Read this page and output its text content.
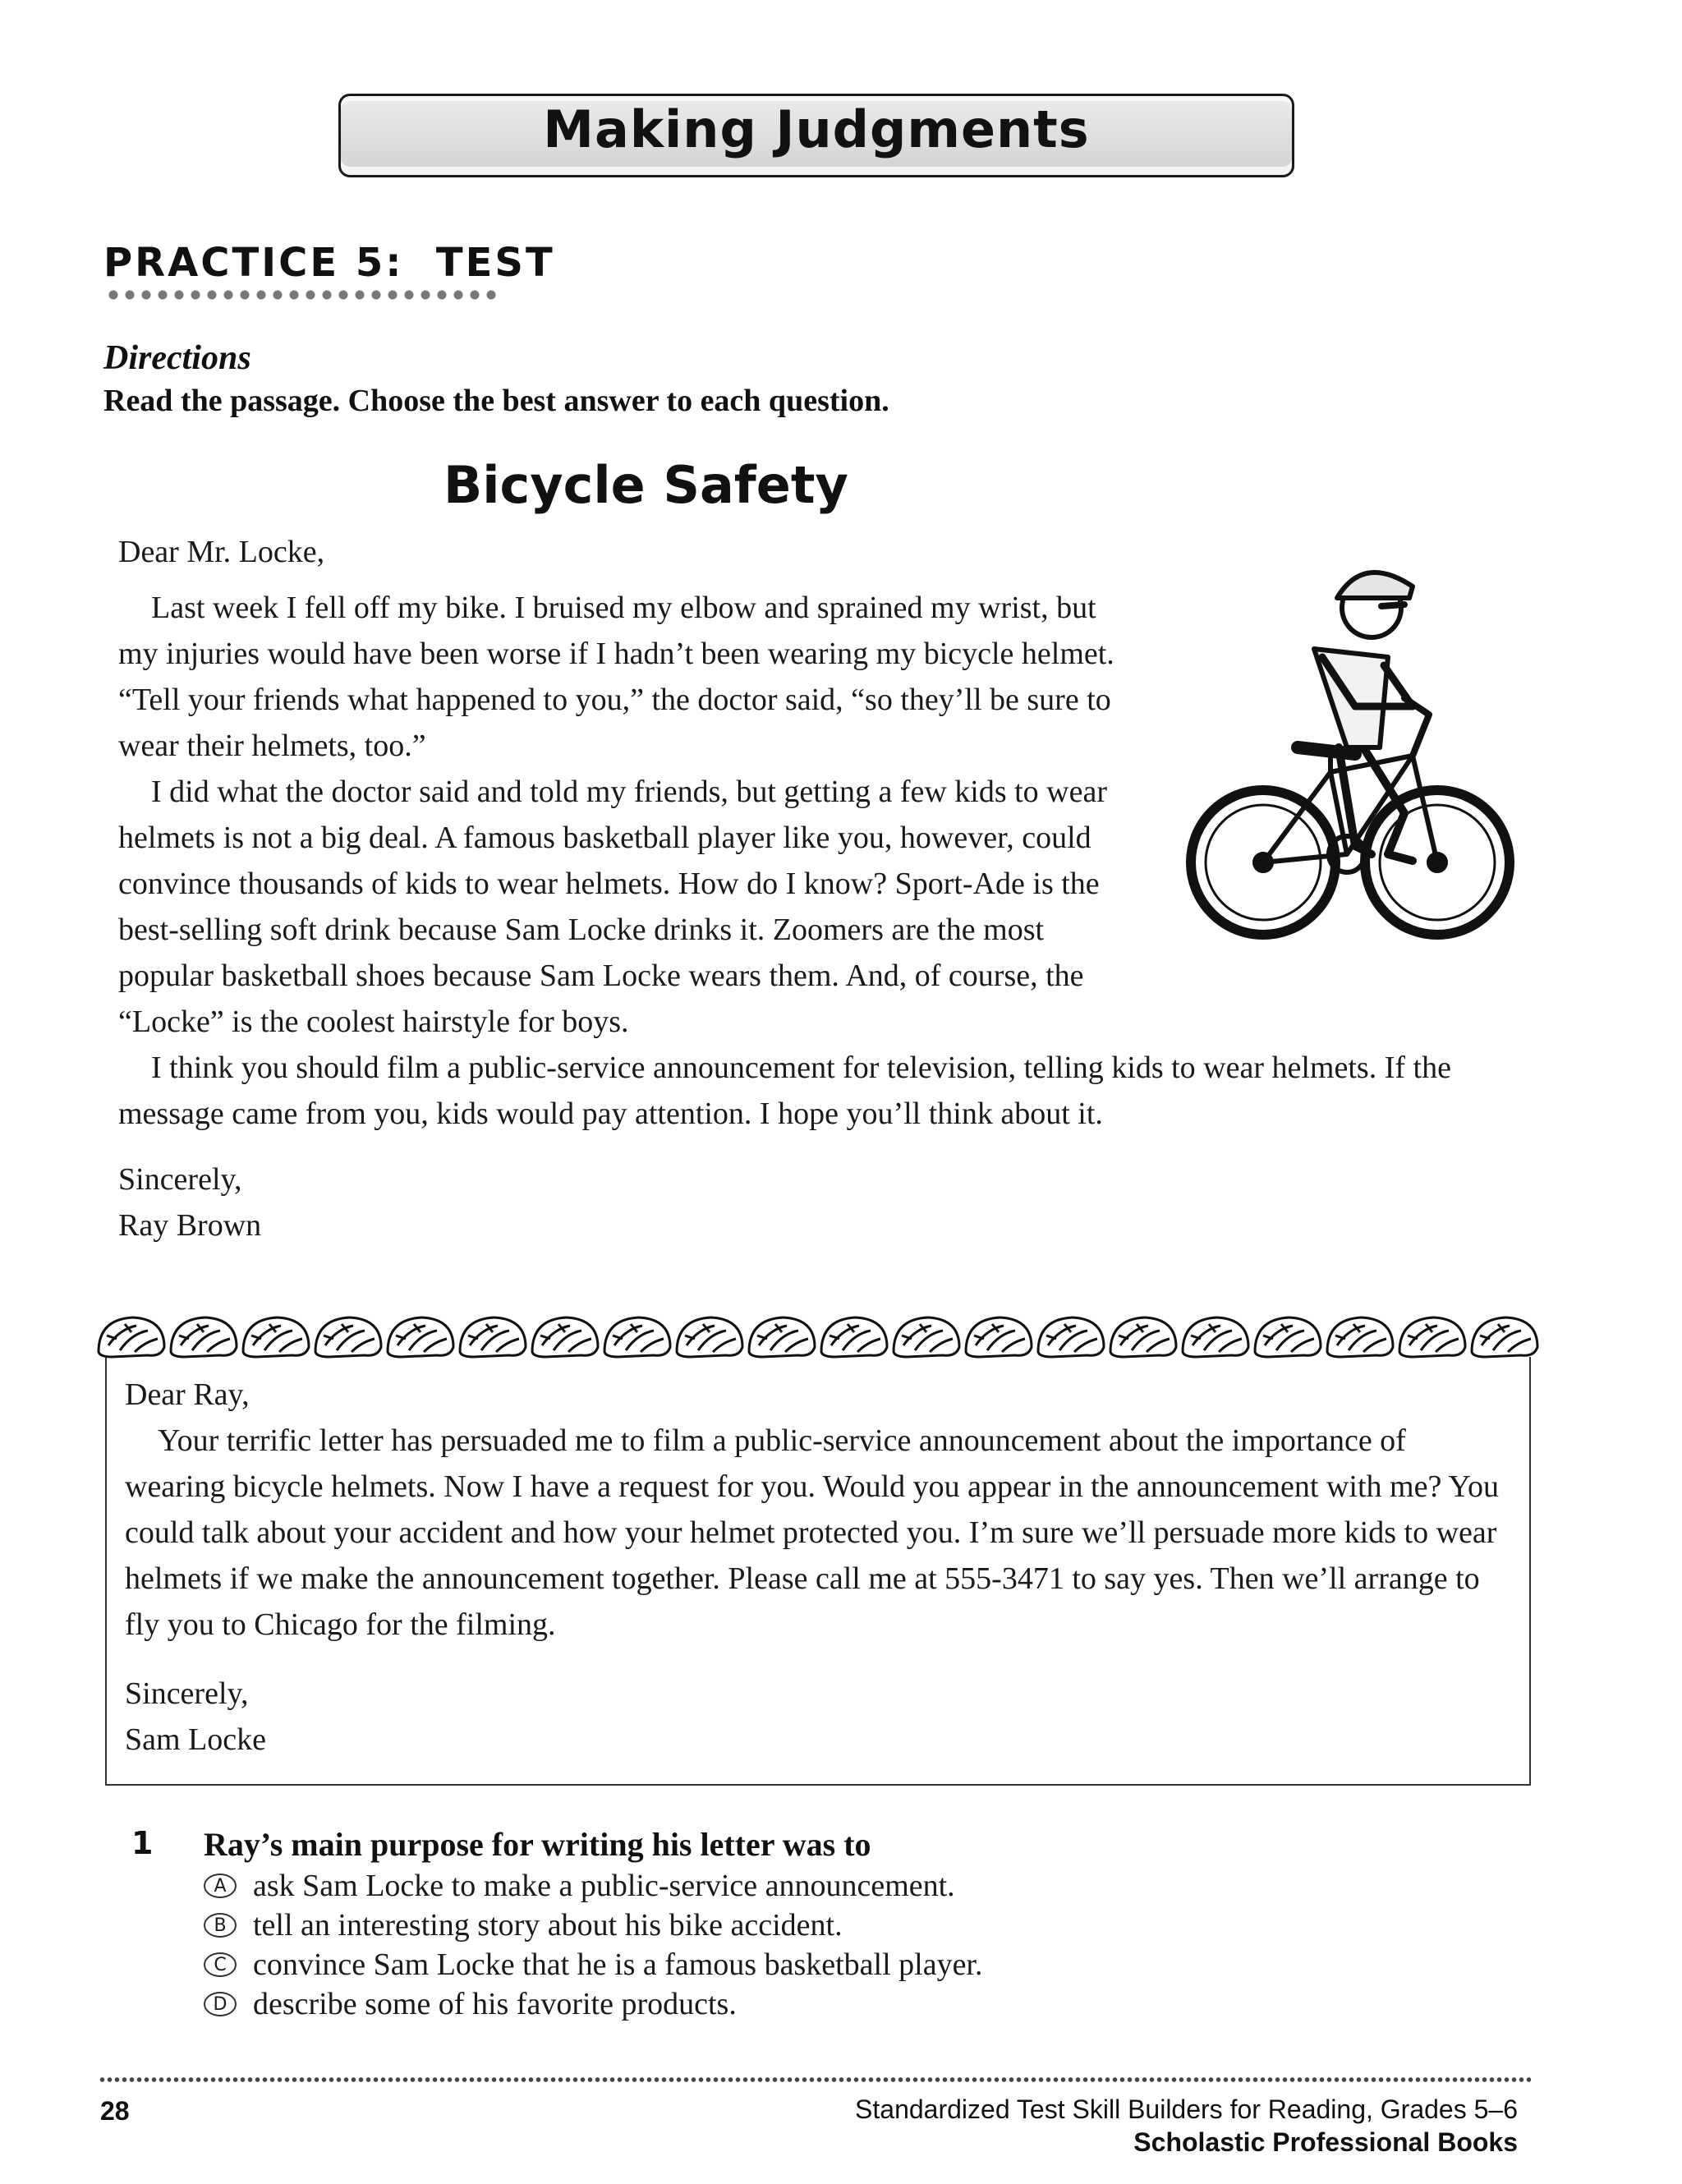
Making Judgments
PRACTICE 5:  TEST
Directions
Read the passage. Choose the best answer to each question.
Bicycle Safety

Dear Mr. Locke,

Last week I fell off my bike. I bruised my elbow and sprained my wrist, but my injuries would have been worse if I hadn’t been wearing my bicycle helmet. “Tell your friends what happened to you,” the doctor said, “so they’ll be sure to wear their helmets, too.”

I did what the doctor said and told my friends, but getting a few kids to wear helmets is not a big deal. A famous basketball player like you, however, could convince thousands of kids to wear helmets. How do I know? Sport-Ade is the best-selling soft drink because Sam Locke drinks it. Zoomers are the most popular basketball shoes because Sam Locke wears them. And, of course, the “Locke” is the coolest hairstyle for boys.

I think you should film a public-service announcement for television, telling kids to wear helmets. If the message came from you, kids would pay attention. I hope you’ll think about it.

Sincerely,

Ray Brown

Dear Ray,

Your terrific letter has persuaded me to film a public-service announcement about the importance of wearing bicycle helmets. Now I have a request for you. Would you appear in the announcement with me? You could talk about your accident and how your helmet protected you. I’m sure we’ll persuade more kids to wear helmets if we make the announcement together. Please call me at 555-3471 to say yes. Then we’ll arrange to fly you to Chicago for the filming.

Sincerely,

Sam Locke

1 Ray’s main purpose for writing his letter was to
A ask Sam Locke to make a public-service announcement.
B tell an interesting story about his bike accident.
C convince Sam Locke that he is a famous basketball player.
D describe some of his favorite products.
28	Standardized Test Skill Builders for Reading, Grades 5–6
Scholastic Professional Books
